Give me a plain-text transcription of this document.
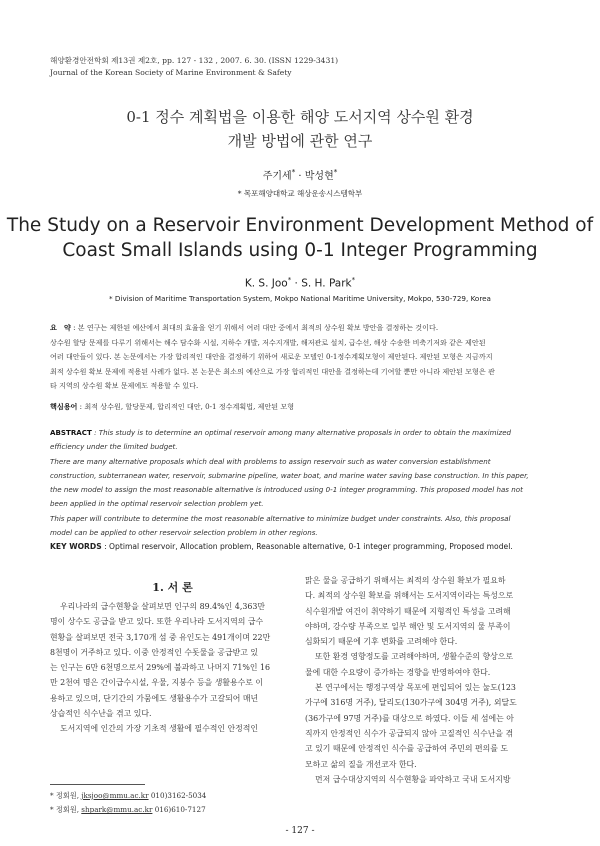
해양환경안전학회 제13권 제2호, pp. 127 - 132 , 2007. 6. 30. (ISSN 1229-3431)
Journal of the Korean Society of Marine Environment & Safety
0-1 정수 계획법을 이용한 해양 도서지역 상수원 환경
개발 방법에 관한 연구
주기세* · 박성현*
* 목포해양대학교 해상운송시스템학부
The Study on a Reservoir Environment Development Method of
Coast Small Islands using 0-1 Integer Programming
K. S. Joo* · S. H. Park*
* Division of Maritime Transportation System, Mokpo National Maritime University, Mokpo, 530-729, Korea
요　약 : 본 연구는 제한된 예산에서 최대의 효율을 얻기 위해서 여러 대안 중에서 최적의 상수원 확보 방안을 결정하는 것이다.
상수원 할당 문제를 다루기 위해서는 해수 담수화 시설, 지하수 개발, 저수지개발, 해저관로 설치, 급수선, 해상 수송한 비축기저와 같은 제안된
여러 대안들이 있다. 본 논문에서는 가장 합리적인 대안을 결정하기 위하여 새로운 모델인 0-1정수계획모형이 제안된다. 제안된 모형은 지금까지
최적 상수원 확보 문제에 적용된 사례가 없다. 본 논문은 최소의 예산으로 가장 합리적인 대안을 결정하는데 기여할 뿐만 아니라 제안된 모형은 관
타 지역의 상수원 확보 문제에도 적용할 수 있다.
핵심용어 : 최적 상수원, 할당문제, 합리적인 대안, 0-1 정수계획법, 제안된 모형
ABSTRACT : This study is to determine an optimal reservoir among many alternative proposals in order to obtain the maximized
efficiency under the limited budget.
There are many alternative proposals which deal with problems to assign reservoir such as water conversion establishment
construction, subterranean water, reservoir, submarine pipeline, water boat, and marine water saving base construction. In this paper,
the new model to assign the most reasonable alternative is introduced using 0-1 integer programming. This proposed model has not
been applied in the optimal reservoir selection problem yet.
This paper will contribute to determine the most reasonable alternative to minimize budget under constraints. Also, this proposal
model can be applied to other reservoir selection problem in other regions.
KEY WORDS : Optimal reservoir, Allocation problem, Reasonable alternative, 0-1 integer programming, Proposed model.
1. 서 론
우리나라의 급수현황을 살펴보면 인구의 89.4%인 4,363만
명이 상수도 공급을 받고 있다. 또한 우리나라 도서지역의 급수
현황을 살펴보면 전국 3,170개 섬 중 유인도는 491개이며 22만
8천명이 거주하고 있다. 이중 안정적인 수돗물을 공급받고 있
는 인구는 6만 6천명으로서 29%에 불과하고 나머지 71%인 16
만 2천여 명은 간이급수시설, 우물, 지붕수 등을 생활용수로 이
용하고 있으며, 단기간의 가뭄에도 생활용수가 고갈되어 매년
상습적인 식수난을 겪고 있다.
도서지역에 인간의 가장 기초적 생활에 필수적인 안정적인
맑은 물을 공급하기 위해서는 최적의 상수원 확보가 필요하
다. 최적의 상수원 확보를 위해서는 도서지역이라는 특성으로
식수원개발 여건이 취약하기 때문에 지형적인 특성을 고려해
야하며, 강수량 부족으로 일부 해안 및 도서지역의 물 부족이
심화되기 때문에 기후 변화를 고려해야 한다.
또한 환경 영향정도를 고려해야하며, 생활수준의 향상으로
물에 대한 수요량이 증가하는 경향을 반영하여야 한다.
본 연구에서는 행정구역상 목포에 편입되어 있는 눌도(123
가구에 316명 거주), 달리도(130가구에 304명 거주), 외달도
(36가구에 97명 거주)를 대상으로 하였다. 이들 세 섬에는 아
직까지 안정적인 식수가 공급되지 않아 고질적인 식수난을 겪
고 있기 때문에 안정적인 식수를 공급하여 주민의 편의를 도
모하고 삶의 질을 개선코자 한다.
먼저 급수대상지역의 식수현황을 파악하고 국내 도서지방
* 정회원, jksjoo@mmu.ac.kr 010)3162-5034
* 정회원, shpark@mmu.ac.kr 016)610-7127
- 127 -
